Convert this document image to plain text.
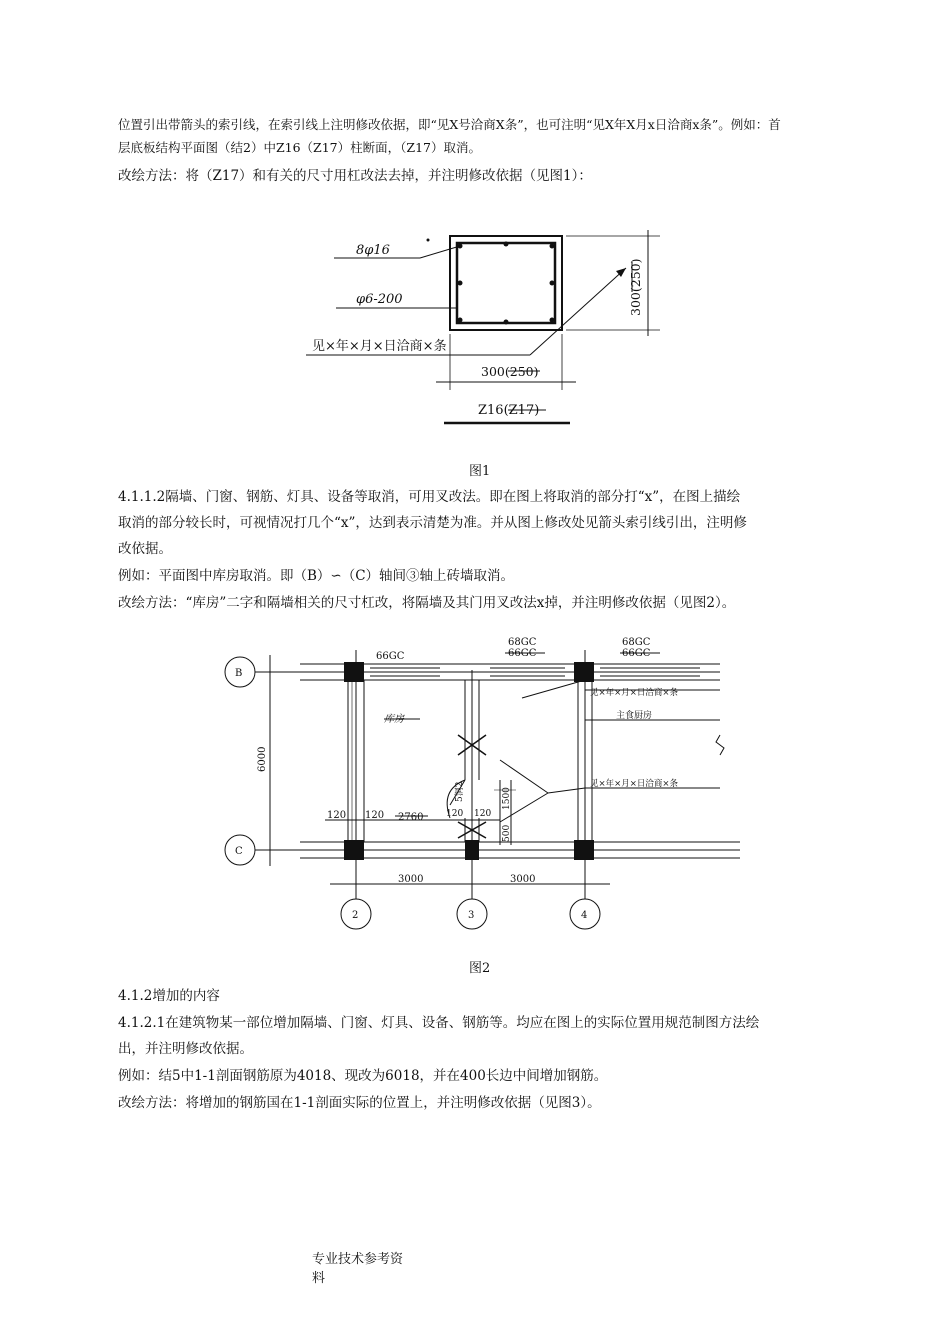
位置引出带箭头的索引线，在索引线上注明修改依据，即“见X号洽商X条”，也可注明“见X年X月x日洽商x条”。例如：首

层底板结构平面图（结2）中Z16（Z17）柱断面，（Z17）取消。

改绘方法：将（Z17）和有关的尺寸用杠改法去掉，并注明修改依据（见图1）：

8φ16
φ6-200
见×年×月×日洽商×条
300(250)
300(250)
Z16(Z17)
图1

4.1.1.2隔墙、门窗、钢筋、灯具、设备等取消，可用叉改法。即在图上将取消的部分打“x”，在图上描绘

取消的部分较长时，可视情况打几个“x”，达到表示清楚为准。并从图上修改处见箭头索引线引出，注明修

改依据。

例如：平面图中库房取消。即（B）∽（C）轴间③轴上砖墙取消。

改绘方法：“库房”二字和隔墙相关的尺寸杠改，将隔墙及其门用叉改法x掉，并注明修改依据（见图2）。

B
C
2	3	4
66GC
68GC
66GC
68GC
66GC
见×年×月×日洽商×条
见×年×月×日洽商×条
库房	主食厨房
6000
120 120 2760	120 120
1500
500
5洞2
3000	3000
图2

4.1.2增加的内容

4.1.2.1在建筑物某一部位增加隔墙、门窗、灯具、设备、钢筋等。均应在图上的实际位置用规范制图方法绘

出，并注明修改依据。

例如：结5中1-1剖面钢筋原为4018、现改为6018，并在400长边中间增加钢筋。

改绘方法：将增加的钢筋国在1-1剖面实际的位置上，并注明修改依据（见图3）。

专业技术参考资

料
